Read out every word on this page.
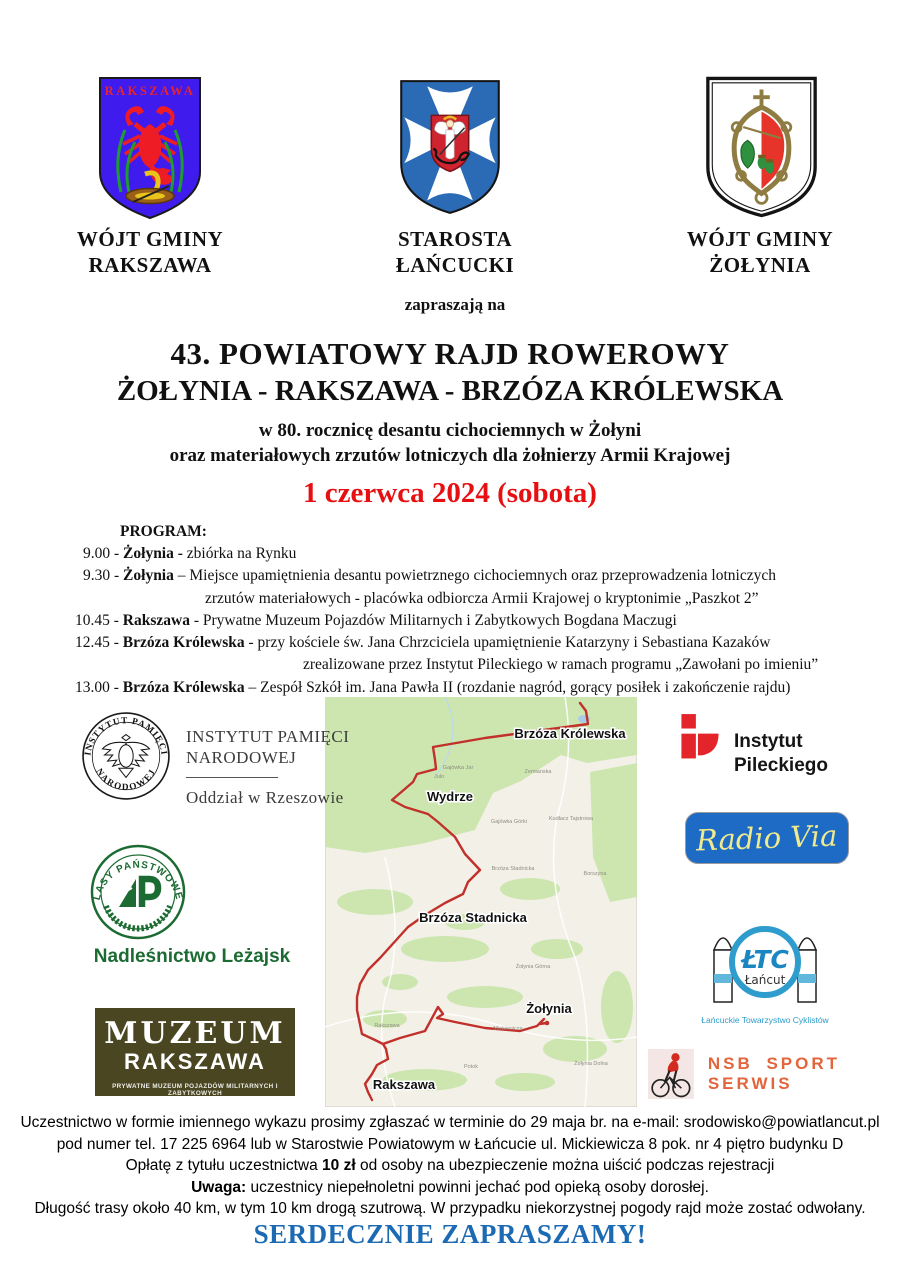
RAKSZAWA
WÓJT GMINY
RAKSZAWA
STAROSTA
ŁAŃCUCKI
WÓJT GMINY
ŻOŁYNIA
zapraszają na
43. POWIATOWY RAJD ROWEROWY
ŻOŁYNIA - RAKSZAWA - BRZÓZA KRÓLEWSKA
w 80. rocznicę desantu cichociemnych w Żołyni
oraz materiałowych zrzutów lotniczych dla żołnierzy Armii Krajowej
1 czerwca 2024 (sobota)
PROGRAM:
9.00 - Żołynia - zbiórka na Rynku
9.30 - Żołynia – Miejsce upamiętnienia desantu powietrznego cichociemnych oraz przeprowadzenia lotniczych
zrzutów materiałowych - placówka odbiorcza Armii Krajowej o kryptonimie „Paszkot 2”
10.45 - Rakszawa - Prywatne Muzeum Pojazdów Militarnych i Zabytkowych Bogdana Maczugi
12.45 - Brzóza Królewska - przy kościele św. Jana Chrzciciela upamiętnienie Katarzyny i Sebastiana Kazaków
zrealizowane przez Instytut Pileckiego w ramach programu „Zawołani po imieniu”
13.00 - Brzóza Królewska – Zespół Szkół im. Jana Pawła II (rozdanie nagród, gorący posiłek i zakończenie rajdu)
Gajówka Jar
Julo
Zemianska
Kudłacz Tajstrowa
Gajówka Górki
Borszyna
Brzóza Stadnicka
Żołynia Górna
Rakszawa	Mickiewicza
Potok	Żołynia Dolna
Brzóza Królewska
Wydrze
Brzóza Stadnicka
Żołynia
Rakszawa
INSTYTUT PAMIĘCI
NARODOWEJ
INSTYTUT PAMIĘCI
NARODOWEJ
Oddział w Rzeszowie
LASY PAŃSTWOWE
Nadleśnictwo Leżajsk
MUZEUM
RAKSZAWA
PRYWATNE MUZEUM POJAZDÓW MILITARNYCH I ZABYTKOWYCH
Instytut
Pileckiego
Radio Via
ŁTC
Łańcut
Łańcuckie Towarzystwo Cyklistów
NSB SPORT SERWIS
Uczestnictwo w formie imiennego wykazu prosimy zgłaszać w terminie do 29 maja br. na e-mail: srodowisko@powiatlancut.pl
pod numer tel. 17 225 6964 lub w Starostwie Powiatowym w Łańcucie ul. Mickiewicza 8 pok. nr 4 piętro budynku D
Opłatę z tytułu uczestnictwa 10 zł od osoby na ubezpieczenie można uiścić podczas rejestracji
Uwaga: uczestnicy niepełnoletni powinni jechać pod opieką osoby dorosłej.
Długość trasy około 40 km, w tym 10 km drogą szutrową. W przypadku niekorzystnej pogody rajd może zostać odwołany.
SERDECZNIE ZAPRASZAMY!
